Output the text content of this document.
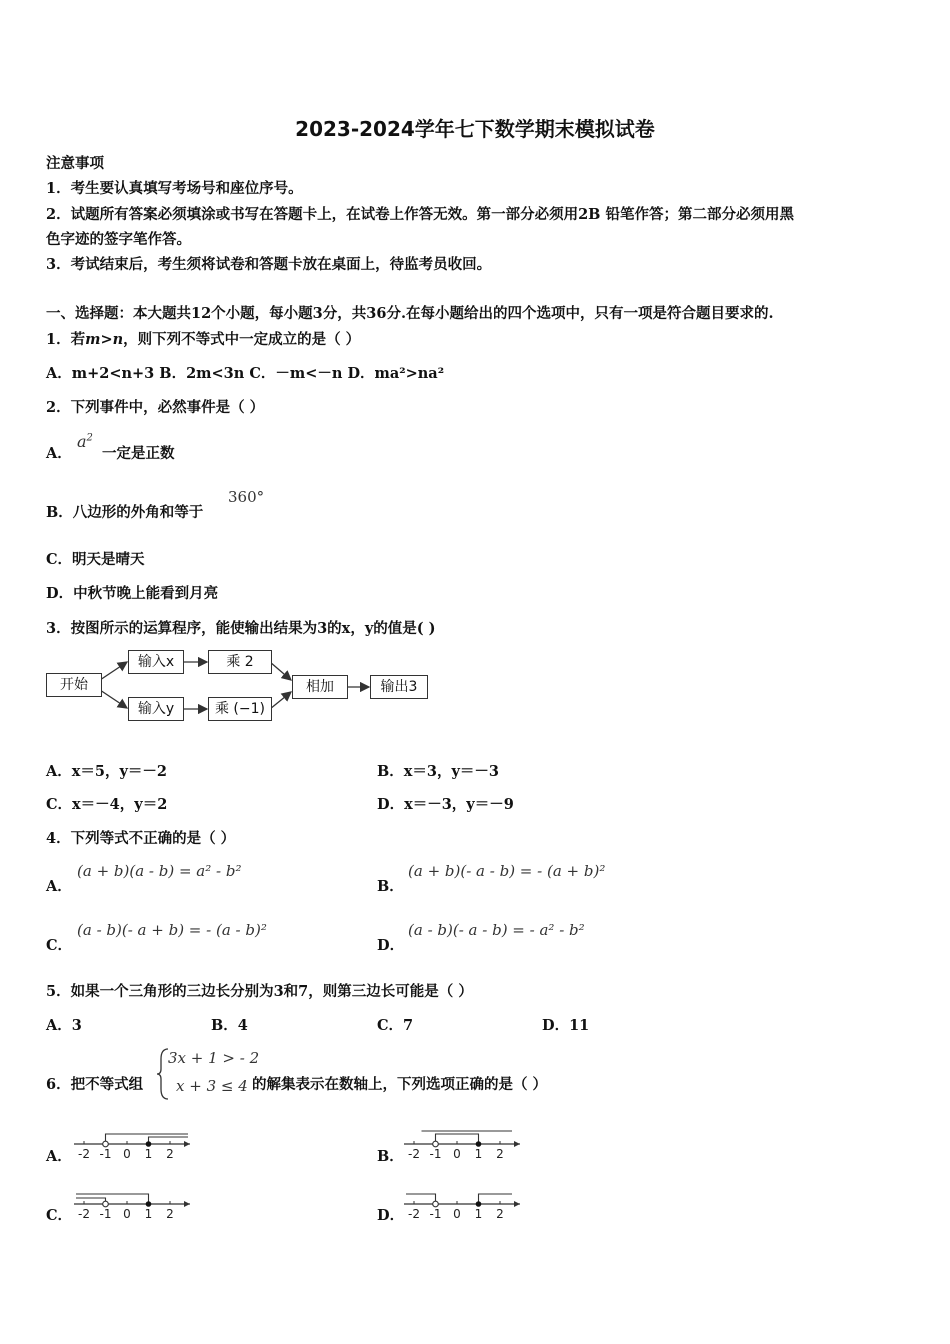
2023-2024学年七下数学期末模拟试卷
注意事项
1．考生要认真填写考场号和座位序号。
2．试题所有答案必须填涂或书写在答题卡上，在试卷上作答无效。第一部分必须用2B 铅笔作答；第二部分必须用黑
色字迹的签字笔作答。
3．考试结束后，考生须将试卷和答题卡放在桌面上，待监考员收回。
一、选择题：本大题共12个小题，每小题3分，共36分.在每小题给出的四个选项中，只有一项是符合题目要求的.
1．若m>n，则下列不等式中一定成立的是（ ）
A．m+2<n+3 B．2m<3n C．－m<－n D．ma²>na²
2．下列事件中，必然事件是（ ）
A．
$a^2$
一定是正数
B．八边形的外角和等于
360°
C．明天是晴天
D．中秋节晚上能看到月亮
3．按图所示的运算程序，能使输出结果为3的x，y的值是( )
开始
输入x
输入y
乘 2
乘 (−1)
相加	输出3
A．x＝5，y＝－2	B．x＝3，y＝－3
C．x＝－4，y＝2	D．x＝－3，y＝－9
4．下列等式不正确的是（ ）
A．
(a + b)(a - b) = a² - b²
B．
(a + b)(- a - b) = - (a + b)²
C．
(a - b)(- a + b) = - (a - b)²
D．
(a - b)(- a - b) = - a² - b²
5．如果一个三角形的三边长分别为3和7，则第三边长可能是（ ）
A．3	B．4	C．7	D．11
6．把不等式组
3x + 1 > - 2
x + 3 ≤ 4 的解集表示在数轴上，下列选项正确的是（ ）
A．	B．
C．	D．
-2 -1 0 1 2	-2 -1 0 1 2
-2 -1 0 1 2	-2 -1 0 1 2
